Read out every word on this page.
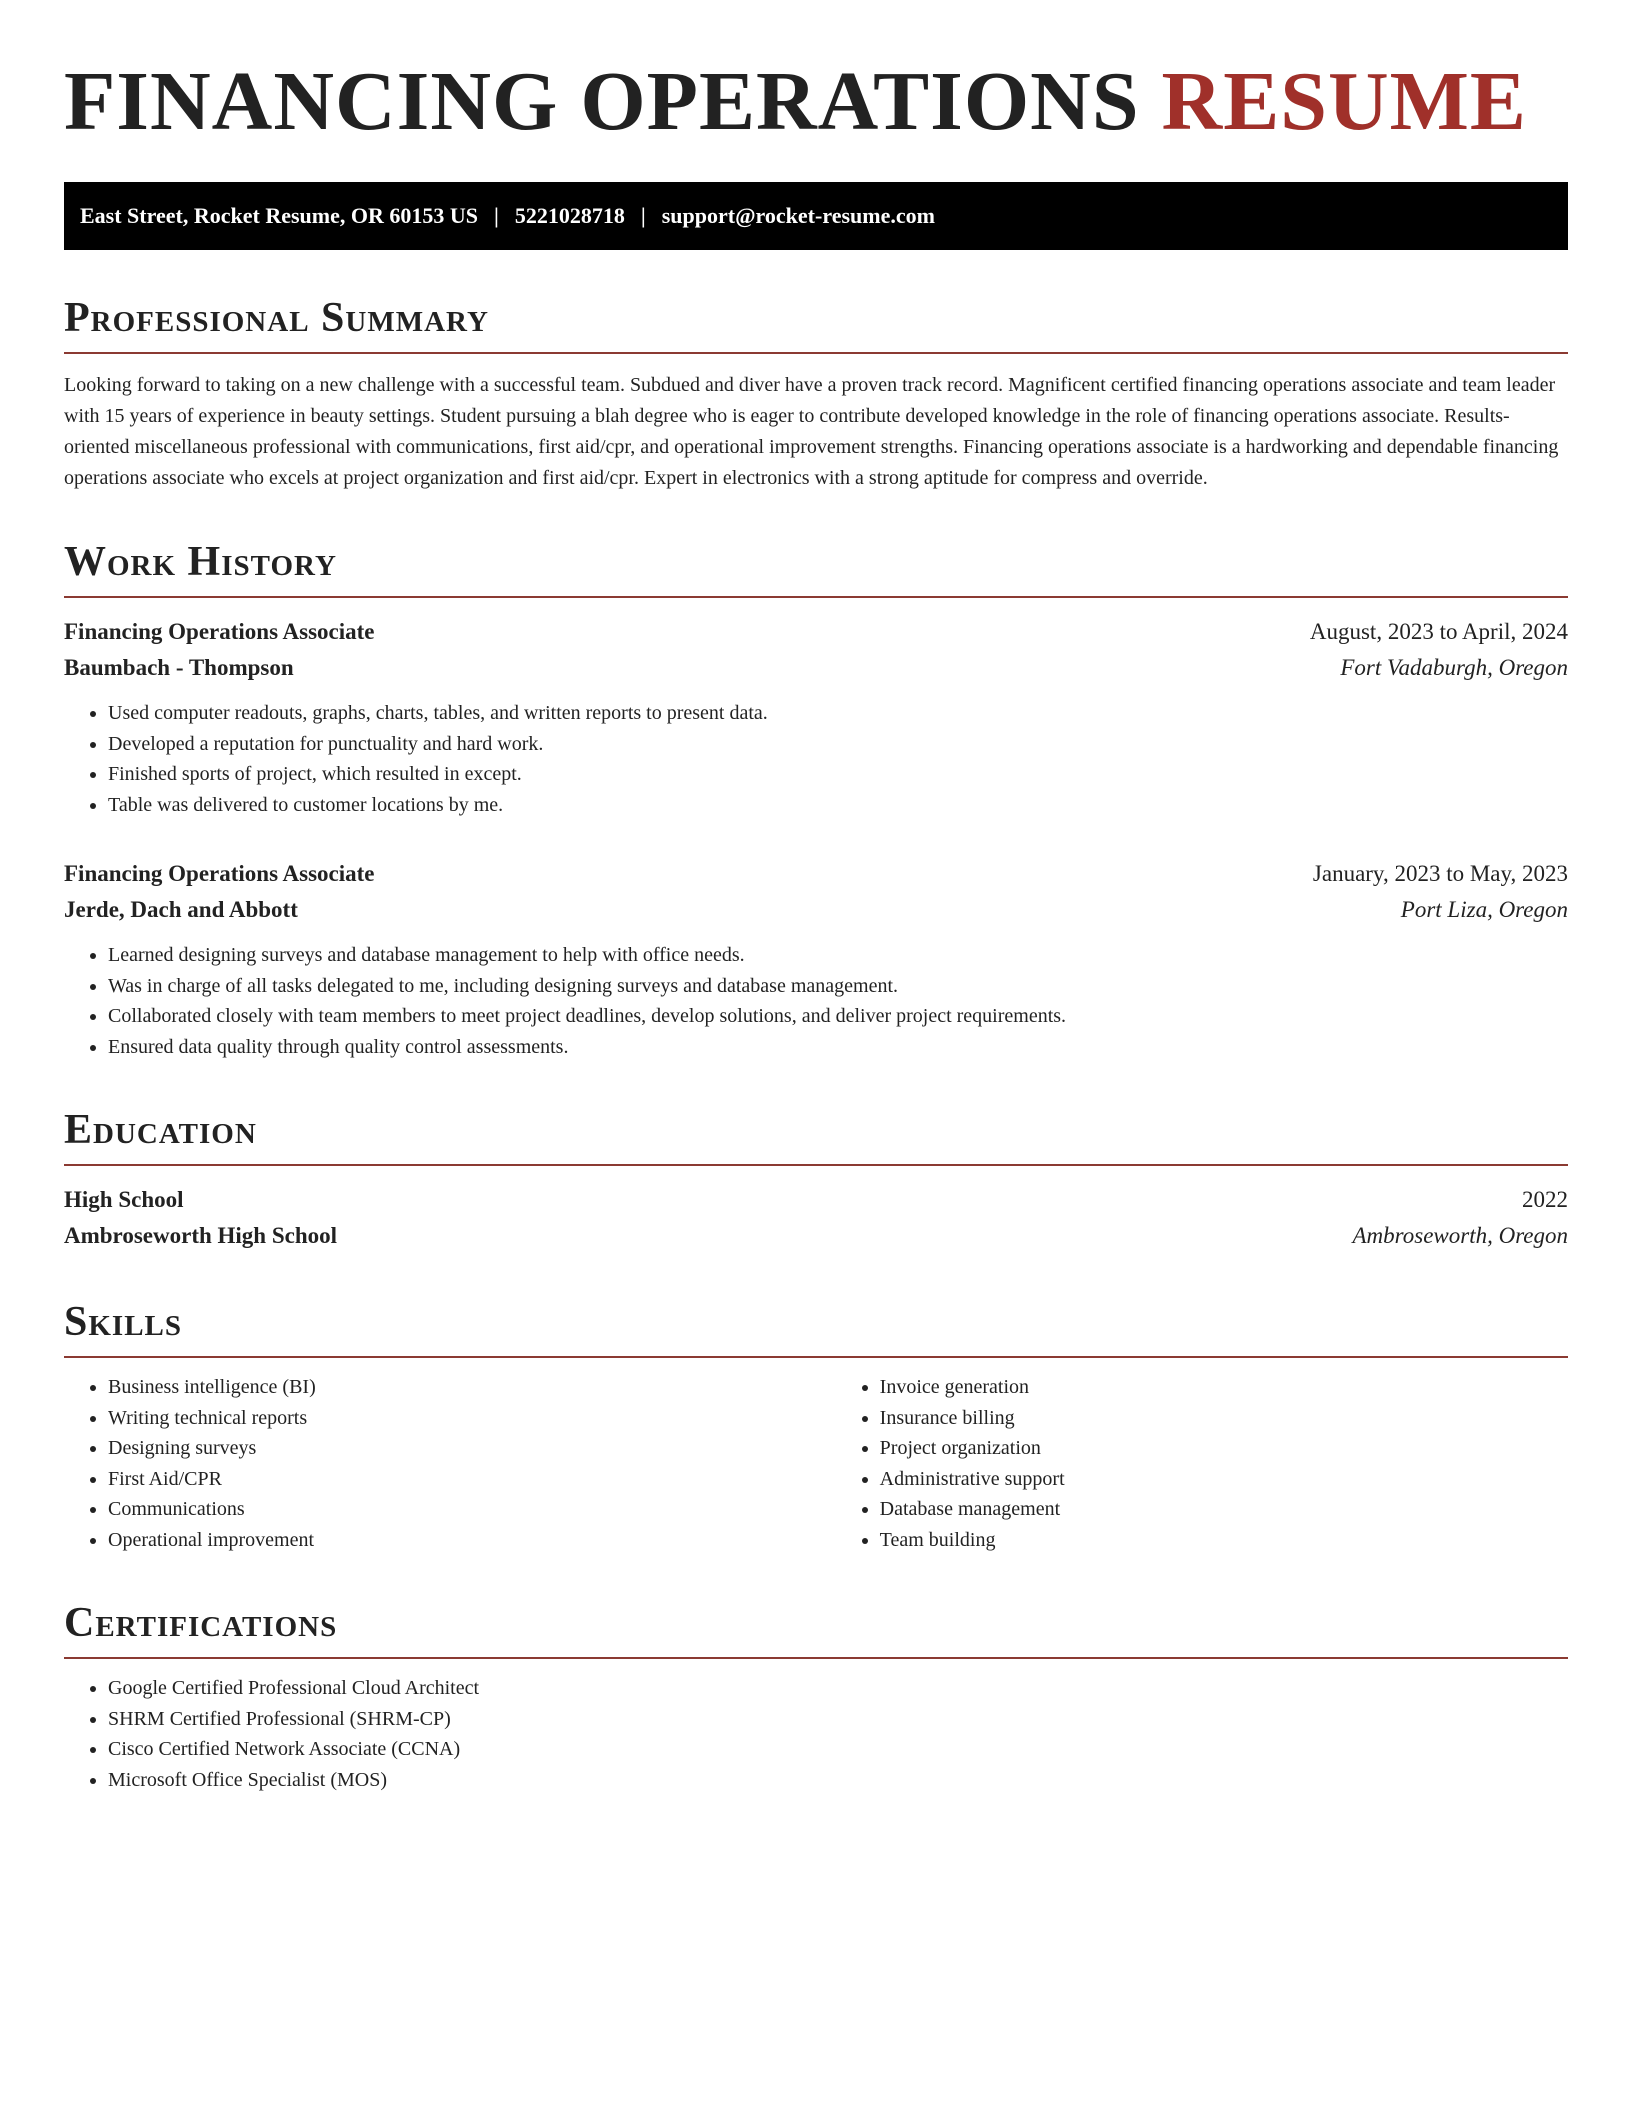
FINANCING OPERATIONS RESUME
East Street, Rocket Resume, OR 60153 US | 5221028718 | support@rocket-resume.com
Professional Summary

Looking forward to taking on a new challenge with a successful team. Subdued and diver have a proven track record. Magnificent certified financing operations associate and team leader with 15 years of experience in beauty settings. Student pursuing a blah degree who is eager to contribute developed knowledge in the role of financing operations associate. Results-oriented miscellaneous professional with communications, first aid/cpr, and operational improvement strengths. Financing operations associate is a hardworking and dependable financing operations associate who excels at project organization and first aid/cpr. Expert in electronics with a strong aptitude for compress and override.

Work History
Financing Operations Associate	August, 2023 to April, 2024
Baumbach - Thompson	Fort Vadaburgh, Oregon
• Used computer readouts, graphs, charts, tables, and written reports to present data.
• Developed a reputation for punctuality and hard work.
• Finished sports of project, which resulted in except.
• Table was delivered to customer locations by me.
Financing Operations Associate	January, 2023 to May, 2023
Jerde, Dach and Abbott	Port Liza, Oregon
• Learned designing surveys and database management to help with office needs.
• Was in charge of all tasks delegated to me, including designing surveys and database management.
• Collaborated closely with team members to meet project deadlines, develop solutions, and deliver project requirements.
• Ensured data quality through quality control assessments.
Education
High School	2022
Ambroseworth High School	Ambroseworth, Oregon
Skills
• Business intelligence (BI)
• Writing technical reports
• Designing surveys
• First Aid/CPR
• Communications
• Operational improvement
• Invoice generation
• Insurance billing
• Project organization
• Administrative support
• Database management
• Team building
Certifications
• Google Certified Professional Cloud Architect
• SHRM Certified Professional (SHRM-CP)
• Cisco Certified Network Associate (CCNA)
• Microsoft Office Specialist (MOS)
